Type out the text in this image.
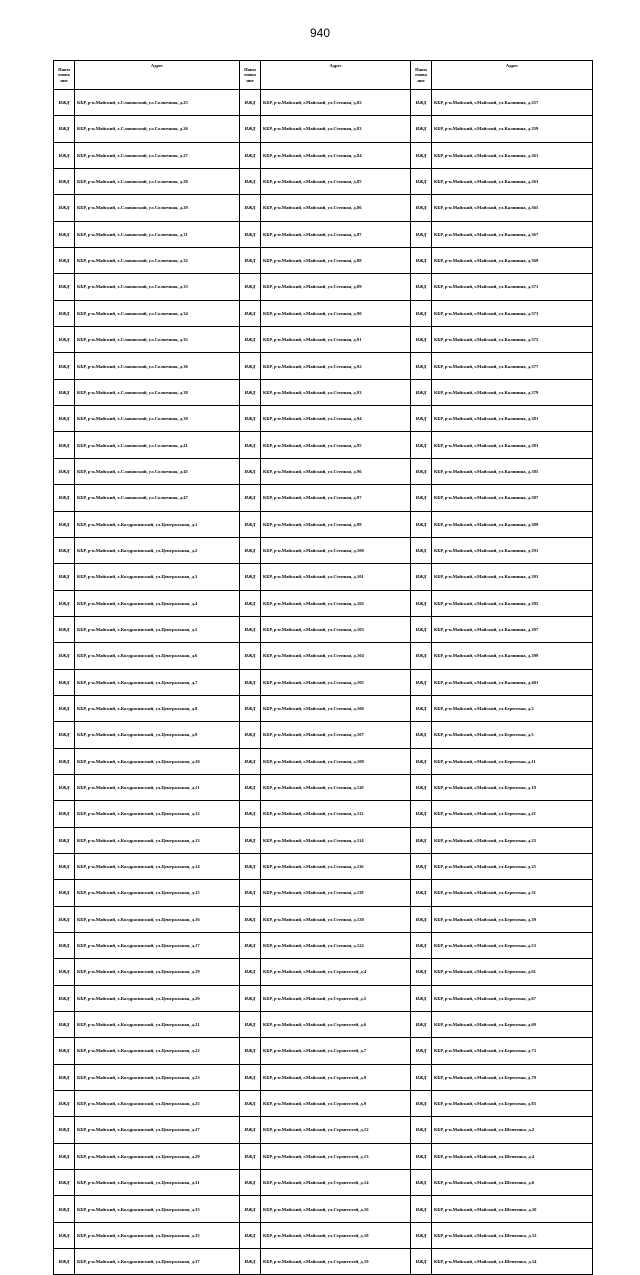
940
Наим енова ние	Адрес	Наим енова ние	Адрес	Наим енова ние	Адрес
ИЖД	КБР, р-н.Майский, х.Славянский, ул.Солнечная, д.25	ИЖД	КБР, р-н.Майский, г.Майский, ул.Степная, д.82	ИЖД	КБР, р-н.Майский, г.Майский, ул.Калинина, д.357
ИЖД	КБР, р-н.Майский, х.Славянский, ул.Солнечная, д.26	ИЖД	КБР, р-н.Майский, г.Майский, ул.Степная, д.83	ИЖД	КБР, р-н.Майский, г.Майский, ул.Калинина, д.359
ИЖД	КБР, р-н.Майский, х.Славянский, ул.Солнечная, д.27	ИЖД	КБР, р-н.Майский, г.Майский, ул.Степная, д.84	ИЖД	КБР, р-н.Майский, г.Майский, ул.Калинина, д.361
ИЖД	КБР, р-н.Майский, х.Славянский, ул.Солнечная, д.28	ИЖД	КБР, р-н.Майский, г.Майский, ул.Степная, д.85	ИЖД	КБР, р-н.Майский, г.Майский, ул.Калинина, д.363
ИЖД	КБР, р-н.Майский, х.Славянский, ул.Солнечная, д.29	ИЖД	КБР, р-н.Майский, г.Майский, ул.Степная, д.86	ИЖД	КБР, р-н.Майский, г.Майский, ул.Калинина, д.365
ИЖД	КБР, р-н.Майский, х.Славянский, ул.Солнечная, д.31	ИЖД	КБР, р-н.Майский, г.Майский, ул.Степная, д.87	ИЖД	КБР, р-н.Майский, г.Майский, ул.Калинина, д.367
ИЖД	КБР, р-н.Майский, х.Славянский, ул.Солнечная, д.32	ИЖД	КБР, р-н.Майский, г.Майский, ул.Степная, д.88	ИЖД	КБР, р-н.Майский, г.Майский, ул.Калинина, д.369
ИЖД	КБР, р-н.Майский, х.Славянский, ул.Солнечная, д.33	ИЖД	КБР, р-н.Майский, г.Майский, ул.Степная, д.89	ИЖД	КБР, р-н.Майский, г.Майский, ул.Калинина, д.371
ИЖД	КБР, р-н.Майский, х.Славянский, ул.Солнечная, д.34	ИЖД	КБР, р-н.Майский, г.Майский, ул.Степная, д.90	ИЖД	КБР, р-н.Майский, г.Майский, ул.Калинина, д.373
ИЖД	КБР, р-н.Майский, х.Славянский, ул.Солнечная, д.35	ИЖД	КБР, р-н.Майский, г.Майский, ул.Степная, д.91	ИЖД	КБР, р-н.Майский, г.Майский, ул.Калинина, д.375
ИЖД	КБР, р-н.Майский, х.Славянский, ул.Солнечная, д.36	ИЖД	КБР, р-н.Майский, г.Майский, ул.Степная, д.92	ИЖД	КБР, р-н.Майский, г.Майский, ул.Калинина, д.377
ИЖД	КБР, р-н.Майский, х.Славянский, ул.Солнечная, д.38	ИЖД	КБР, р-н.Майский, г.Майский, ул.Степная, д.93	ИЖД	КБР, р-н.Майский, г.Майский, ул.Калинина, д.379
ИЖД	КБР, р-н.Майский, х.Славянский, ул.Солнечная, д.39	ИЖД	КБР, р-н.Майский, г.Майский, ул.Степная, д.94	ИЖД	КБР, р-н.Майский, г.Майский, ул.Калинина, д.381
ИЖД	КБР, р-н.Майский, х.Славянский, ул.Солнечная, д.41	ИЖД	КБР, р-н.Майский, г.Майский, ул.Степная, д.95	ИЖД	КБР, р-н.Майский, г.Майский, ул.Калинина, д.383
ИЖД	КБР, р-н.Майский, х.Славянский, ул.Солнечная, д.45	ИЖД	КБР, р-н.Майский, г.Майский, ул.Степная, д.96	ИЖД	КБР, р-н.Майский, г.Майский, ул.Калинина, д.385
ИЖД	КБР, р-н.Майский, х.Славянский, ул.Солнечная, д.47	ИЖД	КБР, р-н.Майский, г.Майский, ул.Степная, д.97	ИЖД	КБР, р-н.Майский, г.Майский, ул.Калинина, д.387
ИЖД	КБР, р-н.Майский, х.Колдрасинский, ул.Центральная, д.1	ИЖД	КБР, р-н.Майский, г.Майский, ул.Степная, д.99	ИЖД	КБР, р-н.Майский, г.Майский, ул.Калинина, д.389
ИЖД	КБР, р-н.Майский, х.Колдрасинский, ул.Центральная, д.2	ИЖД	КБР, р-н.Майский, г.Майский, ул.Степная, д.100	ИЖД	КБР, р-н.Майский, г.Майский, ул.Калинина, д.391
ИЖД	КБР, р-н.Майский, х.Колдрасинский, ул.Центральная, д.3	ИЖД	КБР, р-н.Майский, г.Майский, ул.Степная, д.101	ИЖД	КБР, р-н.Майский, г.Майский, ул.Калинина, д.393
ИЖД	КБР, р-н.Майский, х.Колдрасинский, ул.Центральная, д.4	ИЖД	КБР, р-н.Майский, г.Майский, ул.Степная, д.102	ИЖД	КБР, р-н.Майский, г.Майский, ул.Калинина, д.395
ИЖД	КБР, р-н.Майский, х.Колдрасинский, ул.Центральная, д.5	ИЖД	КБР, р-н.Майский, г.Майский, ул.Степная, д.103	ИЖД	КБР, р-н.Майский, г.Майский, ул.Калинина, д.397
ИЖД	КБР, р-н.Майский, х.Колдрасинский, ул.Центральная, д.6	ИЖД	КБР, р-н.Майский, г.Майский, ул.Степная, д.104	ИЖД	КБР, р-н.Майский, г.Майский, ул.Калинина, д.399
ИЖД	КБР, р-н.Майский, х.Колдрасинский, ул.Центральная, д.7	ИЖД	КБР, р-н.Майский, г.Майский, ул.Степная, д.105	ИЖД	КБР, р-н.Майский, г.Майский, ул.Калинина, д.401
ИЖД	КБР, р-н.Майский, х.Колдрасинский, ул.Центральная, д.8	ИЖД	КБР, р-н.Майский, г.Майский, ул.Степная, д.106	ИЖД	КБР, р-н.Майский, г.Майский, ул.Береговая, д.3
ИЖД	КБР, р-н.Майский, х.Колдрасинский, ул.Центральная, д.9	ИЖД	КБР, р-н.Майский, г.Майский, ул.Степная, д.107	ИЖД	КБР, р-н.Майский, г.Майский, ул.Береговая, д.5
ИЖД	КБР, р-н.Майский, х.Колдрасинский, ул.Центральная, д.10	ИЖД	КБР, р-н.Майский, г.Майский, ул.Степная, д.108	ИЖД	КБР, р-н.Майский, г.Майский, ул.Береговая, д.11
ИЖД	КБР, р-н.Майский, х.Колдрасинский, ул.Центральная, д.11	ИЖД	КБР, р-н.Майский, г.Майский, ул.Степная, д.110	ИЖД	КБР, р-н.Майский, г.Майский, ул.Береговая, д.19
ИЖД	КБР, р-н.Майский, х.Колдрасинский, ул.Центральная, д.12	ИЖД	КБР, р-н.Майский, г.Майский, ул.Степная, д.112	ИЖД	КБР, р-н.Майский, г.Майский, ул.Береговая, д.21
ИЖД	КБР, р-н.Майский, х.Колдрасинский, ул.Центральная, д.13	ИЖД	КБР, р-н.Майский, г.Майский, ул.Степная, д.114	ИЖД	КБР, р-н.Майский, г.Майский, ул.Береговая, д.23
ИЖД	КБР, р-н.Майский, х.Колдрасинский, ул.Центральная, д.14	ИЖД	КБР, р-н.Майский, г.Майский, ул.Степная, д.116	ИЖД	КБР, р-н.Майский, г.Майский, ул.Береговая, д.25
ИЖД	КБР, р-н.Майский, х.Колдрасинский, ул.Центральная, д.15	ИЖД	КБР, р-н.Майский, г.Майский, ул.Степная, д.118	ИЖД	КБР, р-н.Майский, г.Майский, ул.Береговая, д.31
ИЖД	КБР, р-н.Майский, х.Колдрасинский, ул.Центральная, д.16	ИЖД	КБР, р-н.Майский, г.Майский, ул.Степная, д.120	ИЖД	КБР, р-н.Майский, г.Майский, ул.Береговая, д.39
ИЖД	КБР, р-н.Майский, х.Колдрасинский, ул.Центральная, д.17	ИЖД	КБР, р-н.Майский, г.Майский, ул.Степная, д.122	ИЖД	КБР, р-н.Майский, г.Майский, ул.Береговая, д.53
ИЖД	КБР, р-н.Майский, х.Колдрасинский, ул.Центральная, д.19	ИЖД	КБР, р-н.Майский, г.Майский, ул.Строителей, д.4	ИЖД	КБР, р-н.Майский, г.Майский, ул.Береговая, д.61
ИЖД	КБР, р-н.Майский, х.Колдрасинский, ул.Центральная, д.20	ИЖД	КБР, р-н.Майский, г.Майский, ул.Строителей, д.5	ИЖД	КБР, р-н.Майский, г.Майский, ул.Береговая, д.67
ИЖД	КБР, р-н.Майский, х.Колдрасинский, ул.Центральная, д.21	ИЖД	КБР, р-н.Майский, г.Майский, ул.Строителей, д.6	ИЖД	КБР, р-н.Майский, г.Майский, ул.Береговая, д.69
ИЖД	КБР, р-н.Майский, х.Колдрасинский, ул.Центральная, д.22	ИЖД	КБР, р-н.Майский, г.Майский, ул.Строителей, д.7	ИЖД	КБР, р-н.Майский, г.Майский, ул.Береговая, д.73
ИЖД	КБР, р-н.Майский, х.Колдрасинский, ул.Центральная, д.23	ИЖД	КБР, р-н.Майский, г.Майский, ул.Строителей, д.8	ИЖД	КБР, р-н.Майский, г.Майский, ул.Береговая, д.79
ИЖД	КБР, р-н.Майский, х.Колдрасинский, ул.Центральная, д.25	ИЖД	КБР, р-н.Майский, г.Майский, ул.Строителей, д.9	ИЖД	КБР, р-н.Майский, г.Майский, ул.Береговая, д.83
ИЖД	КБР, р-н.Майский, х.Колдрасинский, ул.Центральная, д.27	ИЖД	КБР, р-н.Майский, г.Майский, ул.Строителей, д.12	ИЖД	КБР, р-н.Майский, г.Майский, ул.Шевченко, д.2
ИЖД	КБР, р-н.Майский, х.Колдрасинский, ул.Центральная, д.29	ИЖД	КБР, р-н.Майский, г.Майский, ул.Строителей, д.13	ИЖД	КБР, р-н.Майский, г.Майский, ул.Шевченко, д.4
ИЖД	КБР, р-н.Майский, х.Колдрасинский, ул.Центральная, д.31	ИЖД	КБР, р-н.Майский, г.Майский, ул.Строителей, д.14	ИЖД	КБР, р-н.Майский, г.Майский, ул.Шевченко, д.6
ИЖД	КБР, р-н.Майский, х.Колдрасинский, ул.Центральная, д.33	ИЖД	КБР, р-н.Майский, г.Майский, ул.Строителей, д.16	ИЖД	КБР, р-н.Майский, г.Майский, ул.Шевченко, д.10
ИЖД	КБР, р-н.Майский, х.Колдрасинский, ул.Центральная, д.35	ИЖД	КБР, р-н.Майский, г.Майский, ул.Строителей, д.18	ИЖД	КБР, р-н.Майский, г.Майский, ул.Шевченко, д.12
ИЖД	КБР, р-н.Майский, х.Колдрасинский, ул.Центральная, д.37	ИЖД	КБР, р-н.Майский, г.Майский, ул.Строителей, д.19	ИЖД	КБР, р-н.Майский, г.Майский, ул.Шевченко, д.14
